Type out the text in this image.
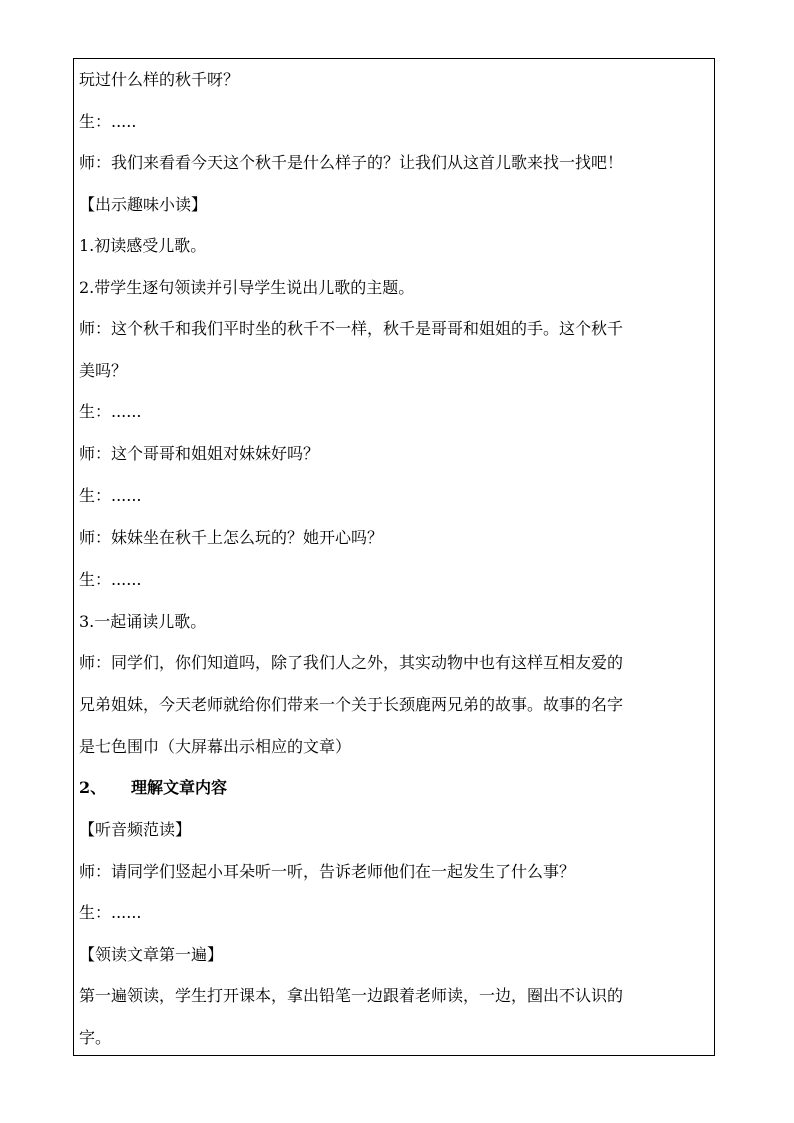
玩过什么样的秋千呀？
生：.....
师：我们来看看今天这个秋千是什么样子的？让我们从这首儿歌来找一找吧！
【出示趣味小读】
1.初读感受儿歌。
2.带学生逐句领读并引导学生说出儿歌的主题。
师：这个秋千和我们平时坐的秋千不一样，秋千是哥哥和姐姐的手。这个秋千
美吗？
生：......
师：这个哥哥和姐姐对妹妹好吗？
生：......
师：妹妹坐在秋千上怎么玩的？她开心吗？
生：......
3.一起诵读儿歌。
师：同学们，你们知道吗，除了我们人之外，其实动物中也有这样互相友爱的
兄弟姐妹，今天老师就给你们带来一个关于长颈鹿两兄弟的故事。故事的名字
是七色围巾（大屏幕出示相应的文章）
2、 理解文章内容
【听音频范读】
师：请同学们竖起小耳朵听一听，告诉老师他们在一起发生了什么事？
生：......
【领读文章第一遍】
第一遍领读，学生打开课本，拿出铅笔一边跟着老师读，一边，圈出不认识的
字。
